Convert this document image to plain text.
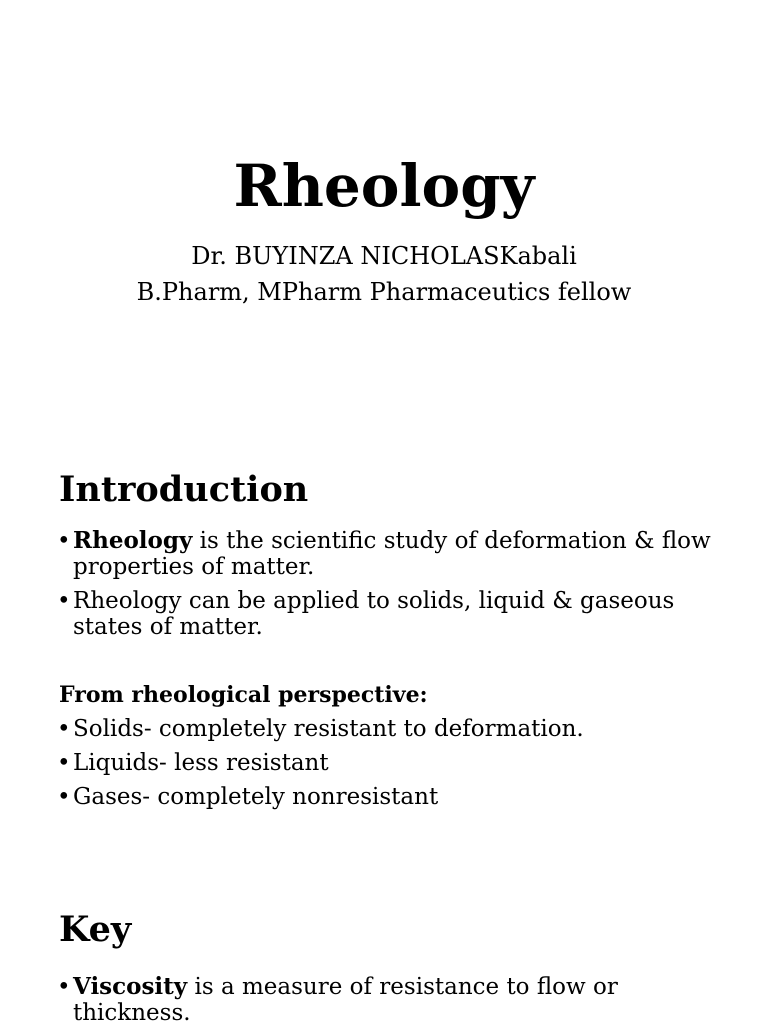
Rheology

Dr. BUYINZA NICHOLASKabali

B.Pharm, MPharm Pharmaceutics fellow

Introduction
• Rheology is the scientific study of deformation & flow properties of matter.
• Rheology can be applied to solids, liquid & gaseous states of matter.

From rheological perspective:

• Solids- completely resistant to deformation.
• Liquids- less resistant
• Gases- completely nonresistant
Key
• Viscosity is a measure of resistance to flow or thickness.
